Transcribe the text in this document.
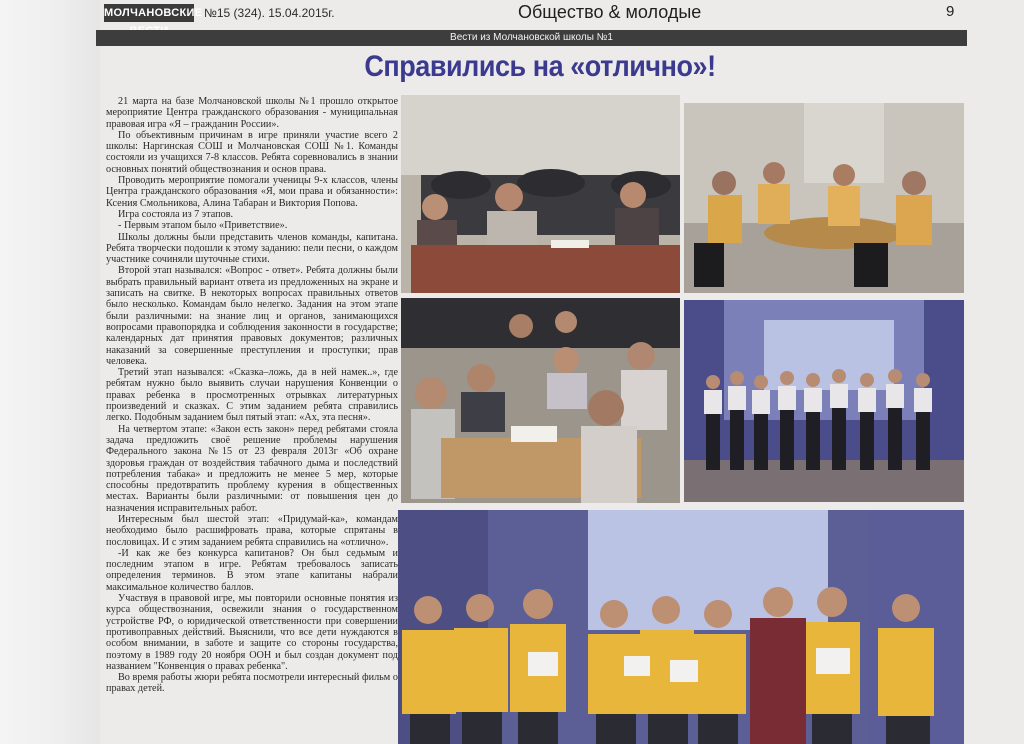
МОЛЧАНОВСКИЕ №15 (324). 15.04.2015г.	Общество & молодые	9
Вести из Молчановской школы №1
Справились на «отлично»!

21 марта на базе Молчановской школы №1 прошло открытое мероприятие Центра гражданского образования - муниципальная правовая игра «Я – гражданин России».

По объективным причинам в игре приняли участие всего 2 школы: Наргинская СОШ и Молчановская СОШ №1. Команды состояли из учащихся 7-8 классов. Ребята соревновались в знании основных понятий обществознания и основ права.

Проводить мероприятие помогали ученицы 9-х классов, члены Центра гражданского образования «Я, мои права и обязанности»: Ксения Смольникова, Алина Табаран и Виктория Попова.

Игра состояла из 7 этапов.

- Первым этапом было «Приветствие».

Школы должны были представить членов команды, капитана. Ребята творчески подошли к этому заданию: пели песни, о каждом участнике сочиняли шуточные стихи.

Второй этап назывался: «Вопрос - ответ». Ребята должны были выбрать правильный вариант ответа из предложенных на экране и записать на свитке. В некоторых вопросах правильных ответов было несколько. Командам было нелегко. Задания на этом этапе были различными: на знание лиц и органов, занимающихся вопросами правопорядка и соблюдения законности в государстве; календарных дат принятия правовых документов; различных наказаний за совершенные преступления и проступки; прав человека.

Третий этап назывался: «Сказка–ложь, да в ней намек..», где ребятам нужно было выявить случаи нарушения Конвенции о правах ребенка в просмотренных отрывках литературных произведений и сказках. С этим заданием ребята справились легко. Подобным заданием был пятый этап: «Ах, эта песня».

На четвертом этапе: «Закон есть закон» перед ребятами стояла задача предложить своё решение проблемы нарушения Федерального закона №15 от 23 февраля 2013г «Об охране здоровья граждан от воздействия табачного дыма и последствий потребления табака» и предложить не менее 5 мер, которые способны предотвратить проблему курения в общественных местах. Варианты были различными: от повышения цен до назначения исправительных работ.

Интересным был шестой этап: «Придумай-ка», командам необходимо было расшифровать права, которые спрятаны в пословицах. И с этим заданием ребята справились на «отлично».

-И как же без конкурса капитанов? Он был седьмым и последним этапом в игре. Ребятам требовалось записать определения терминов. В этом этапе капитаны набрали максимальное количество баллов.

Участвуя в правовой игре, мы повторили основные понятия из курса обществознания, освежили знания о государственном устройстве РФ, о юридической ответственности при совершении противоправных действий. Выяснили, что все дети нуждаются в особом внимании, в заботе и защите со стороны государства, поэтому в 1989 году 20 ноября ООН и был создан документ под названием "Конвенция о правах ребенка".

Во время работы жюри ребята посмотрели интересный фильм о правах детей.
